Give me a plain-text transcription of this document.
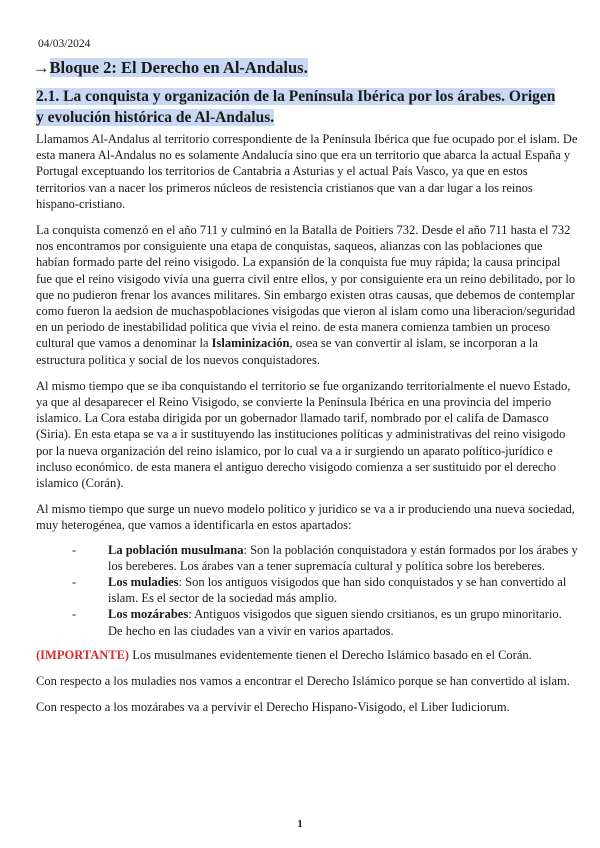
04/03/2024
→Bloque 2: El Derecho en Al-Andalus.
2.1. La conquista y organización de la Península Ibérica por los árabes. Origen y evolución histórica de Al-Andalus.

Llamamos Al-Andalus al territorio correspondiente de la Península Ibérica que fue ocupado por el islam. De esta manera Al-Andalus no es solamente Andalucía sino que era un territorio que abarca la actual España y Portugal exceptuando los territorios de Cantabria a Asturias y el actual País Vasco, ya que en estos territorios van a nacer los primeros núcleos de resistencia cristianos que van a dar lugar a los reinos hispano-cristiano.

La conquista comenzó en el año 711 y culminó en la Batalla de Poitiers 732. Desde el año 711 hasta el 732 nos encontramos por consiguiente una etapa de conquistas, saqueos, alianzas con las poblaciones que habían formado parte del reino visigodo. La expansión de la conquista fue muy rápida; la causa principal fue que el reino visigodo vivía una guerra civil entre ellos, y por consiguiente era un reino debilitado, por lo que no pudieron frenar los avances militares. Sin embargo existen otras causas, que debemos de contemplar como fueron la aedsion de muchaspoblaciones visigodas que vieron al islam como una liberacion/seguridad en un periodo de inestabilidad politica que vivia el reino. de esta manera comienza tambien un proceso cultural que vamos a denominar la Islaminización, osea se van convertir al islam, se incorporan a la estructura politica y social de los nuevos conquistadores.

Al mismo tiempo que se iba conquistando el territorio se fue organizando territorialmente el nuevo Estado, ya que al desaparecer el Reino Visigodo, se convierte la Península Ibérica en una provincia del imperio islamico. La Cora estaba dirigida por un gobernador llamado tarif, nombrado por el califa de Damasco (Siria). En esta etapa se va a ir sustituyendo las instituciones políticas y administrativas del reino visigodo por la nueva organización del reino islamico, por lo cual va a ir surgiendo un aparato político-jurídico e incluso económico. de esta manera el antiguo derecho visigodo comienza a ser sustituido por el derecho islamico (Corán).

Al mismo tiempo que surge un nuevo modelo politico y juridico se va a ir produciendo una nueva sociedad, muy heterogénea, que vamos a identificarla en estos apartados:

- La población musulmana: Son la población conquistadora y están formados por los árabes y los bereberes. Los árabes van a tener supremacía cultural y política sobre los bereberes.
- Los muladies: Son los antiguos visigodos que han sido conquistados y se han convertido al islam. Es el sector de la sociedad más amplio.
- Los mozárabes: Antiguos visigodos que siguen siendo crsitianos, es un grupo minoritario. De hecho en las ciudades van a vivir en varios apartados.

(IMPORTANTE) Los musulmanes evidentemente tienen el Derecho Islámico basado en el Corán.

Con respecto a los muladies nos vamos a encontrar el Derecho Islámico porque se han convertido al islam.

Con respecto a los mozárabes va a pervivir el Derecho Hispano-Visigodo, el Liber Iudiciorum.

1
